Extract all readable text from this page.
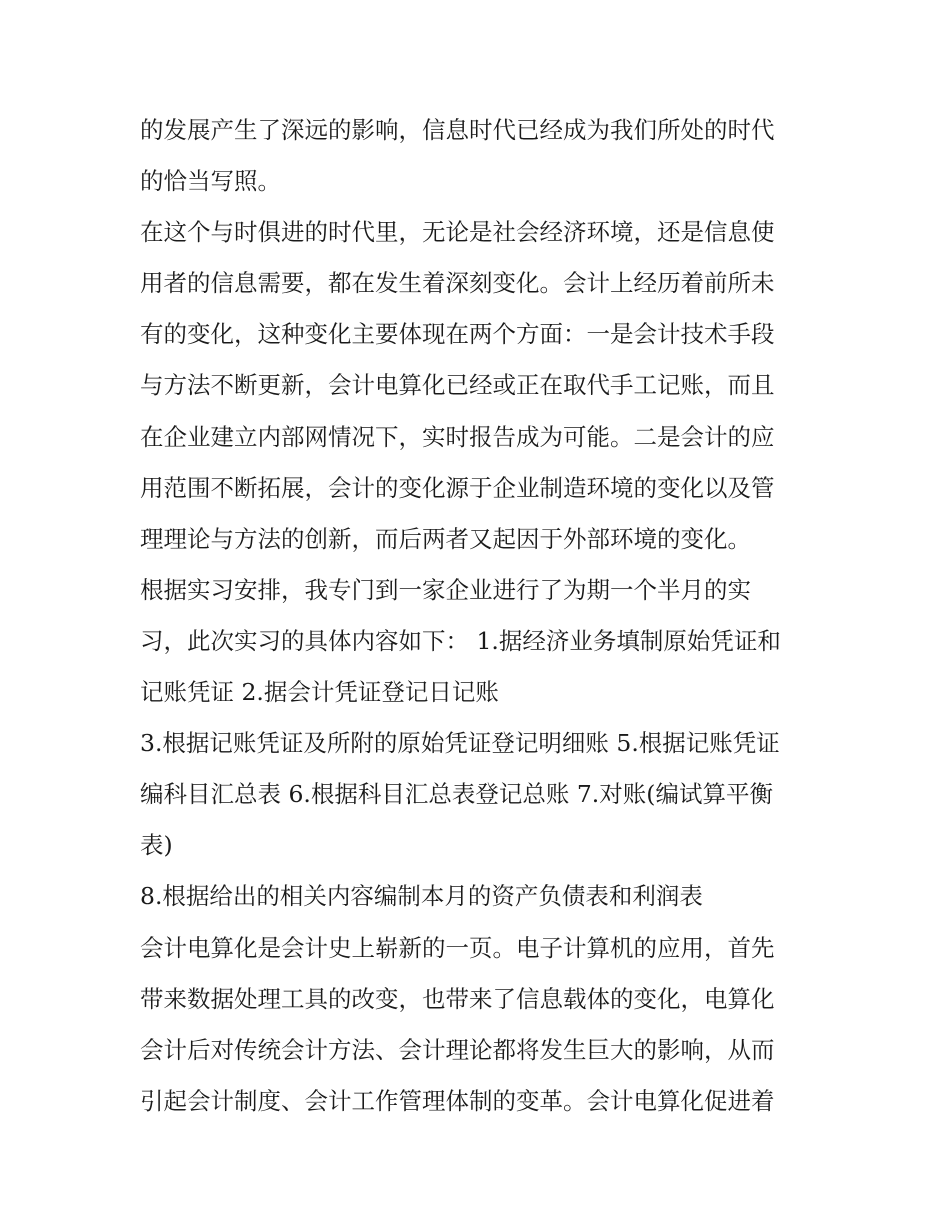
的发展产生了深远的影响，信息时代已经成为我们所处的时代
的恰当写照。
在这个与时俱进的时代里，无论是社会经济环境，还是信息使
用者的信息需要，都在发生着深刻变化。会计上经历着前所未
有的变化，这种变化主要体现在两个方面：一是会计技术手段
与方法不断更新，会计电算化已经或正在取代手工记账，而且
在企业建立内部网情况下，实时报告成为可能。二是会计的应
用范围不断拓展，会计的变化源于企业制造环境的变化以及管
理理论与方法的创新，而后两者又起因于外部环境的变化。
根据实习安排，我专门到一家企业进行了为期一个半月的实
习，此次实习的具体内容如下： 1.据经济业务填制原始凭证和
记账凭证 2.据会计凭证登记日记账
3.根据记账凭证及所附的原始凭证登记明细账 5.根据记账凭证
编科目汇总表 6.根据科目汇总表登记总账 7.对账(编试算平衡
表)
8.根据给出的相关内容编制本月的资产负债表和利润表
会计电算化是会计史上崭新的一页。电子计算机的应用，首先
带来数据处理工具的改变，也带来了信息载体的变化，电算化
会计后对传统会计方法、会计理论都将发生巨大的影响，从而
引起会计制度、会计工作管理体制的变革。会计电算化促进着
